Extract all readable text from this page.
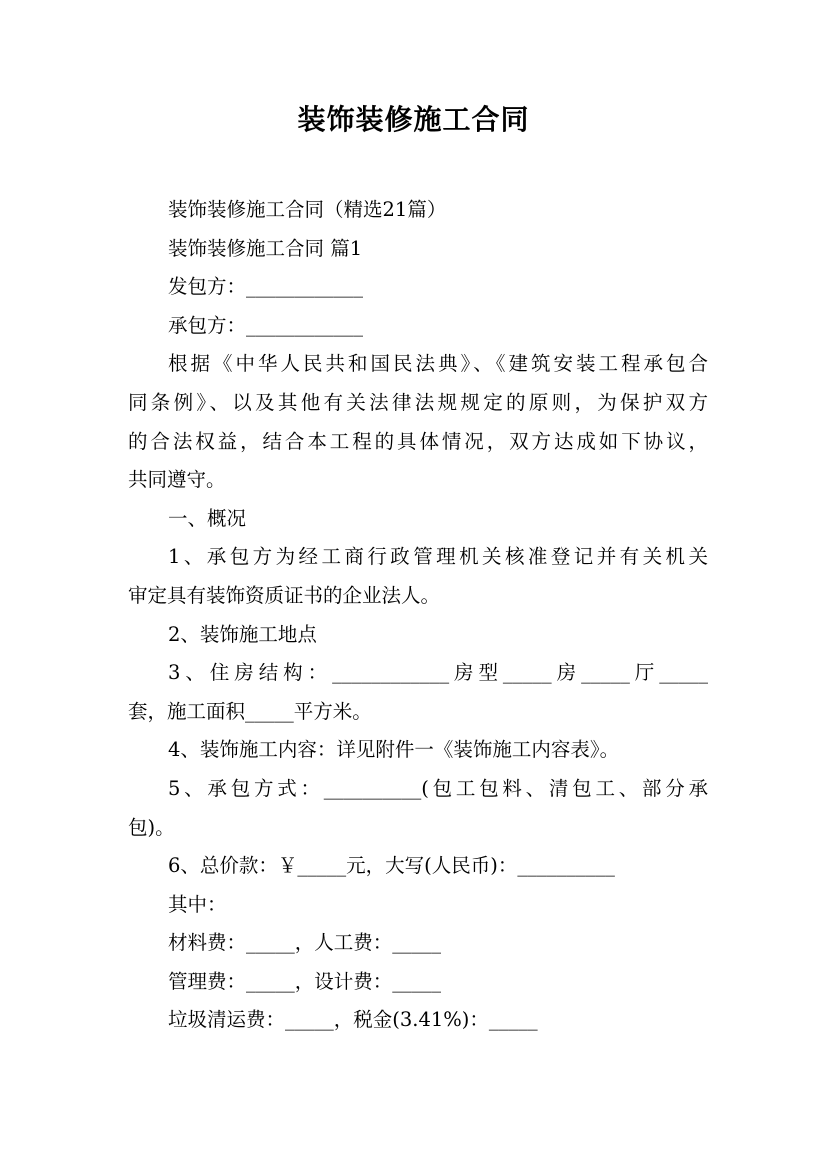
装饰装修施工合同
装饰装修施工合同（精选21篇）
装饰装修施工合同 篇1
发包方：____________
承包方：____________
根据《中华人民共和国民法典》、《建筑安装工程承包合
同条例》、以及其他有关法律法规规定的原则，为保护双方
的合法权益，结合本工程的具体情况，双方达成如下协议，
共同遵守。
一、概况
1、承包方为经工商行政管理机关核准登记并有关机关
审定具有装饰资质证书的企业法人。
2、装饰施工地点
3、住房结构：____________房型_____房_____厅_____
套，施工面积_____平方米。
4、装饰施工内容：详见附件一《装饰施工内容表》。
5、承包方式：__________(包工包料、清包工、部分承
包)。
6、总价款：￥_____元，大写(人民币)：__________
其中：
材料费：_____，人工费：_____
管理费：_____，设计费：_____
垃圾清运费：_____，税金(3.41%)：_____
